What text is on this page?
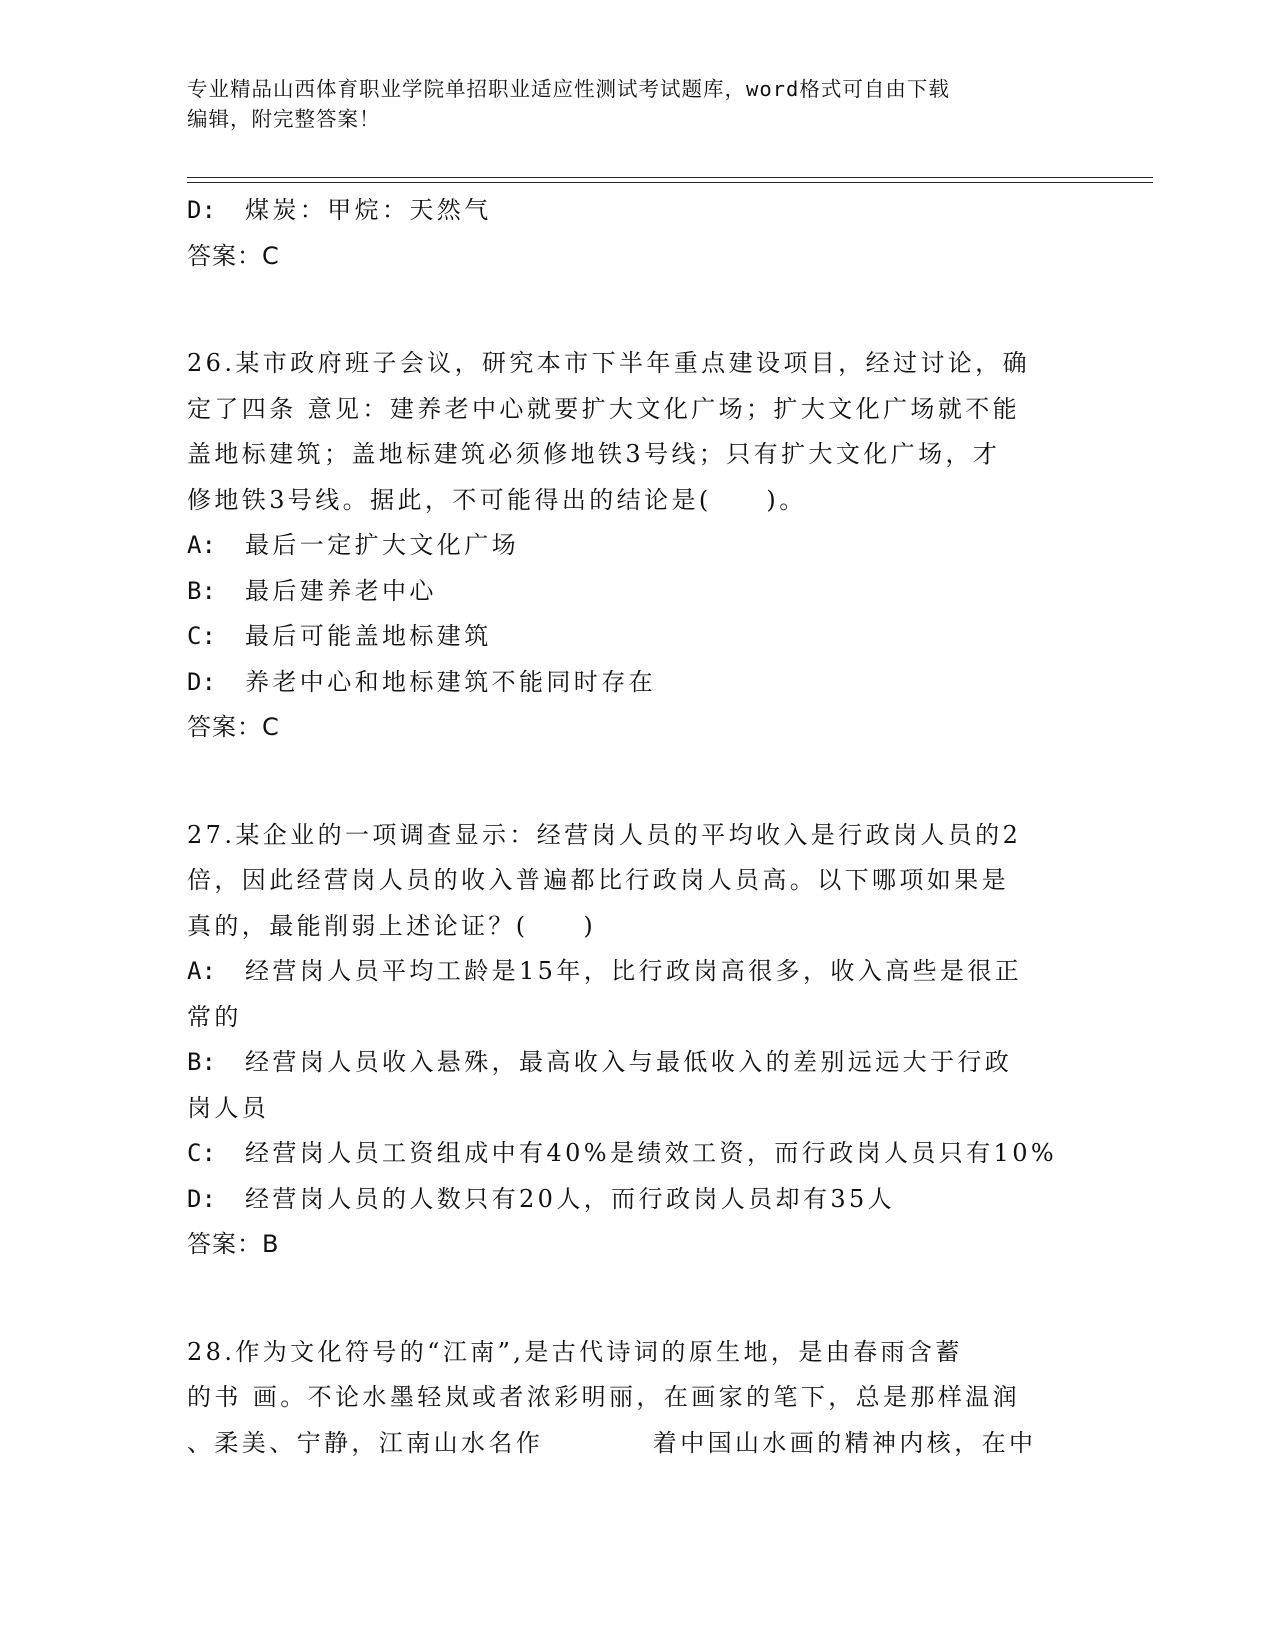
专业精品山西体育职业学院单招职业适应性测试考试题库，word格式可自由下载
编辑，附完整答案！
D: 煤炭：甲烷：天然气
答案：C
26.某市政府班子会议，研究本市下半年重点建设项目，经过讨论，确
定了四条 意见：建养老中心就要扩大文化广场；扩大文化广场就不能
盖地标建筑；盖地标建筑必须修地铁3号线；只有扩大文化广场，才
修地铁3号线。据此，不可能得出的结论是(　　)。
A: 最后一定扩大文化广场
B: 最后建养老中心
C: 最后可能盖地标建筑
D: 养老中心和地标建筑不能同时存在
答案：C
27.某企业的一项调查显示：经营岗人员的平均收入是行政岗人员的2
倍，因此经营岗人员的收入普遍都比行政岗人员高。以下哪项如果是
真的，最能削弱上述论证？(　　)
A: 经营岗人员平均工龄是15年，比行政岗高很多，收入高些是很正
常的
B: 经营岗人员收入悬殊，最高收入与最低收入的差别远远大于行政
岗人员
C: 经营岗人员工资组成中有40%是绩效工资，而行政岗人员只有10%
D: 经营岗人员的人数只有20人，而行政岗人员却有35人
答案：B
28.作为文化符号的“江南”,是古代诗词的原生地，是由春雨含蓄
的书 画。不论水墨轻岚或者浓彩明丽，在画家的笔下，总是那样温润
、柔美、宁静，江南山水名作　　　　着中国山水画的精神内核，在中
